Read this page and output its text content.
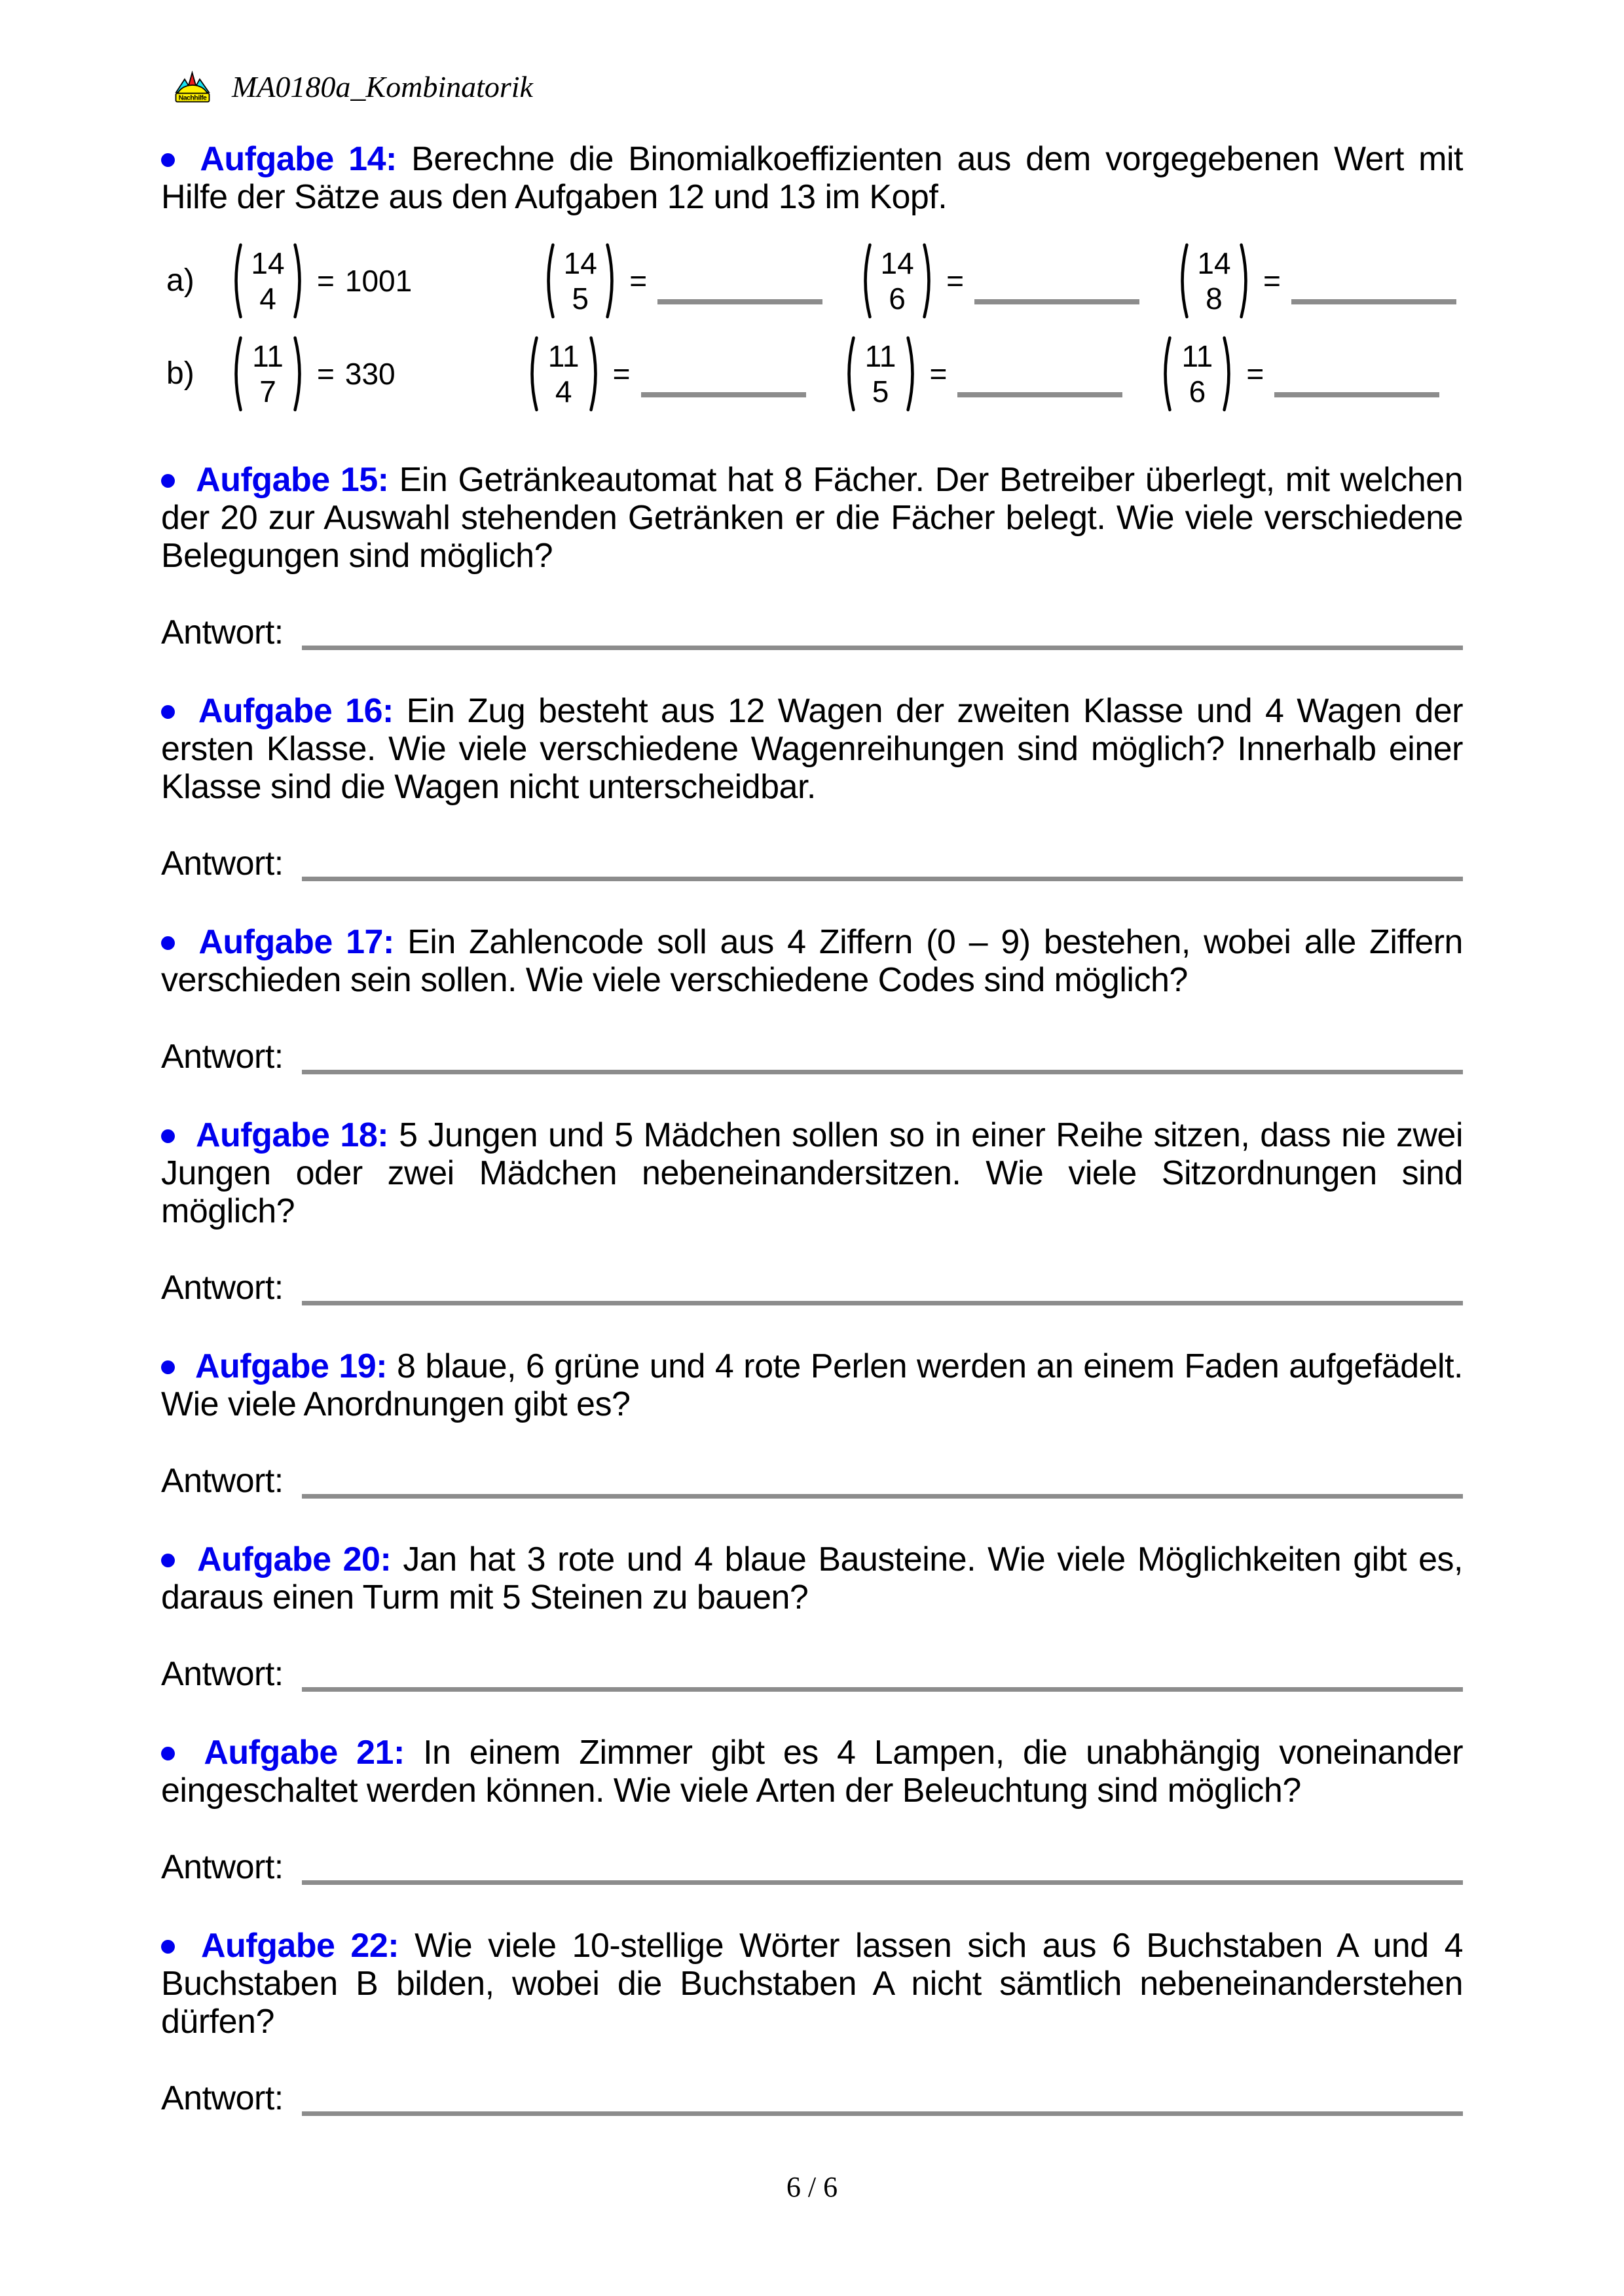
Nachhilfe MA0180a_Kombinatorik

Aufgabe 14: Berechne die Binomialkoeffizienten aus dem vorgegebenen Wert mit Hilfe der Sätze aus den Aufgaben 12 und 13 im Kopf.

a)	14
4
= 1001
14
5
=
14
6
=
14
8
=
b)	11
7
= 330
11
4
=
11
5
=
11
6
=

Aufgabe 15: Ein Getränkeautomat hat 8 Fächer. Der Betreiber überlegt, mit welchen der 20 zur Auswahl stehenden Getränken er die Fächer belegt. Wie viele verschiedene Belegungen sind möglich?

Antwort:

Aufgabe 16: Ein Zug besteht aus 12 Wagen der zweiten Klasse und 4 Wagen der ersten Klasse. Wie viele verschiedene Wagenreihungen sind möglich? Innerhalb einer Klasse sind die Wagen nicht unterscheidbar.

Antwort:

Aufgabe 17: Ein Zahlencode soll aus 4 Ziffern (0 – 9) bestehen, wobei alle Ziffern verschieden sein sollen. Wie viele verschiedene Codes sind möglich?

Antwort:

Aufgabe 18: 5 Jungen und 5 Mädchen sollen so in einer Reihe sitzen, dass nie zwei Jungen oder zwei Mädchen nebeneinandersitzen. Wie viele Sitzordnungen sind möglich?

Antwort:

Aufgabe 19: 8 blaue, 6 grüne und 4 rote Perlen werden an einem Faden aufgefädelt. Wie viele Anordnungen gibt es?

Antwort:

Aufgabe 20: Jan hat 3 rote und 4 blaue Bausteine. Wie viele Möglichkeiten gibt es, daraus einen Turm mit 5 Steinen zu bauen?

Antwort:

Aufgabe 21: In einem Zimmer gibt es 4 Lampen, die unabhängig voneinander eingeschaltet werden können. Wie viele Arten der Beleuchtung sind möglich?

Antwort:

Aufgabe 22: Wie viele 10-stellige Wörter lassen sich aus 6 Buchstaben A und 4 Buchstaben B bilden, wobei die Buchstaben A nicht sämtlich nebeneinanderstehen dürfen?

Antwort:
6 / 6
